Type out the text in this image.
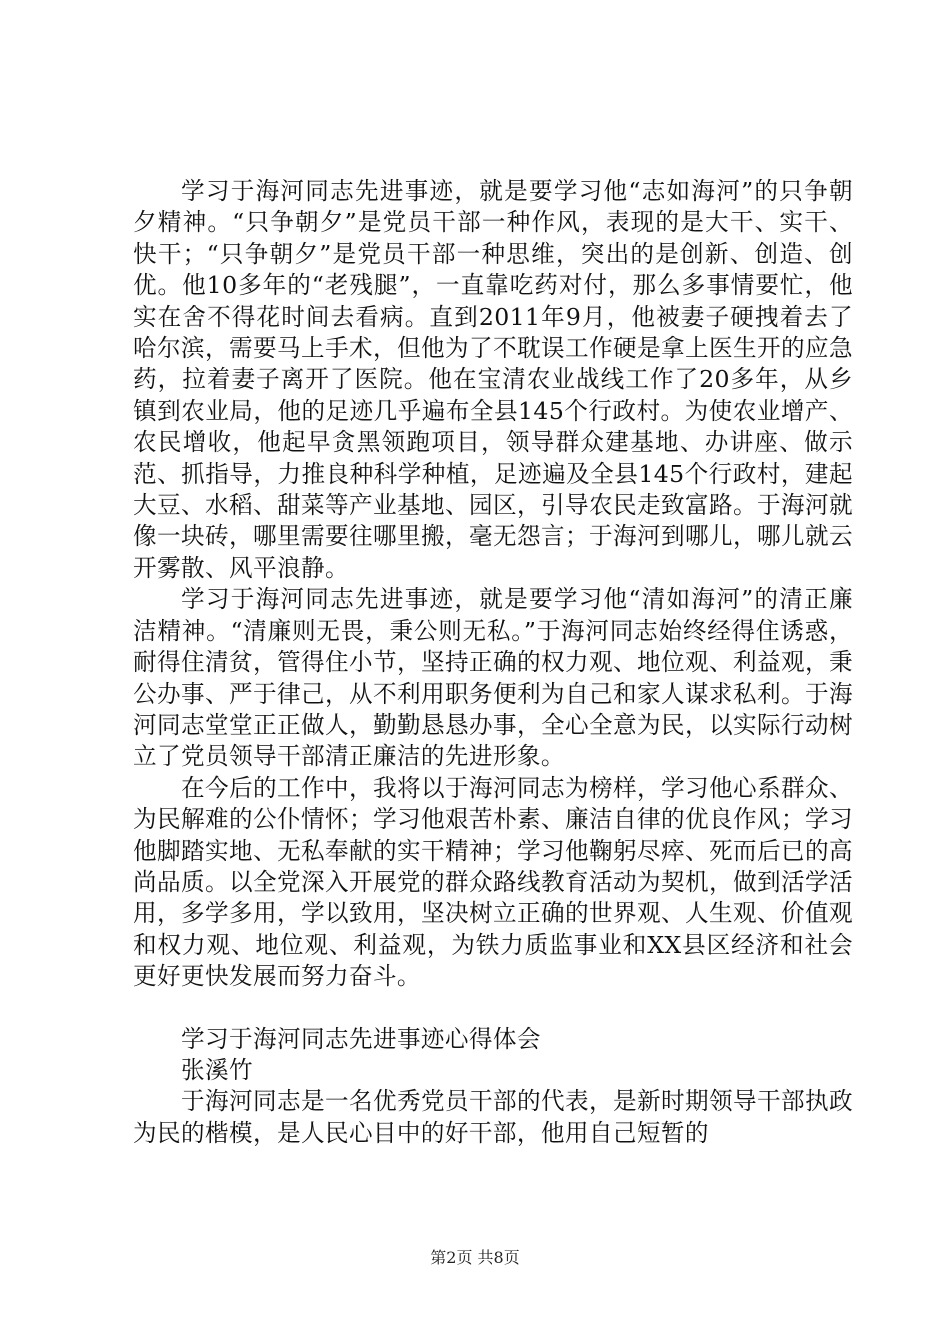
学习于海河同志先进事迹，就是要学习他“志如海河”的只争朝夕精神。“只争朝夕”是党员干部一种作风，表现的是大干、实干、快干；“只争朝夕”是党员干部一种思维，突出的是创新、创造、创优。他10多年的“老残腿”，一直靠吃药对付，那么多事情要忙，他实在舍不得花时间去看病。直到2011年9月，他被妻子硬拽着去了哈尔滨，需要马上手术，但他为了不耽误工作硬是拿上医生开的应急药，拉着妻子离开了医院。他在宝清农业战线工作了20多年，从乡镇到农业局，他的足迹几乎遍布全县145个行政村。为使农业增产、农民增收，他起早贪黑领跑项目，领导群众建基地、办讲座、做示范、抓指导，力推良种科学种植，足迹遍及全县145个行政村，建起大豆、水稻、甜菜等产业基地、园区，引导农民走致富路。于海河就像一块砖，哪里需要往哪里搬，毫无怨言；于海河到哪儿，哪儿就云开雾散、风平浪静。

学习于海河同志先进事迹，就是要学习他“清如海河”的清正廉洁精神。“清廉则无畏，秉公则无私。”于海河同志始终经得住诱惑，耐得住清贫，管得住小节，坚持正确的权力观、地位观、利益观，秉公办事、严于律己，从不利用职务便利为自己和家人谋求私利。于海河同志堂堂正正做人，勤勤恳恳办事，全心全意为民，以实际行动树立了党员领导干部清正廉洁的先进形象。

在今后的工作中，我将以于海河同志为榜样，学习他心系群众、为民解难的公仆情怀；学习他艰苦朴素、廉洁自律的优良作风；学习他脚踏实地、无私奉献的实干精神；学习他鞠躬尽瘁、死而后已的高尚品质。以全党深入开展党的群众路线教育活动为契机，做到活学活用，多学多用，学以致用，坚决树立正确的世界观、人生观、价值观和权力观、地位观、利益观，为铁力质监事业和XX县区经济和社会更好更快发展而努力奋斗。

学习于海河同志先进事迹心得体会

张溪竹

于海河同志是一名优秀党员干部的代表，是新时期领导干部执政为民的楷模，是人民心目中的好干部，他用自己短暂的

第2页 共8页
